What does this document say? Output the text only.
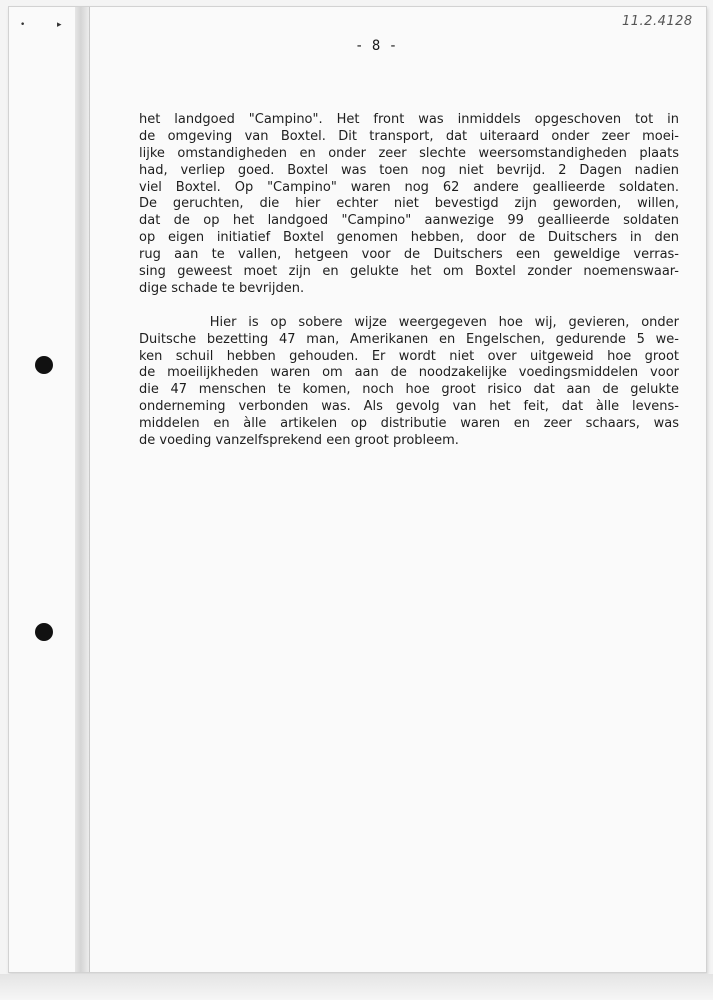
•	▸	11.2.4128
- 8 -

het landgoed "Campino". Het front was inmiddels opgeschoven tot in
de omgeving van Boxtel. Dit transport, dat uiteraard onder zeer moei-
lijke omstandigheden en onder zeer slechte weersomstandigheden plaats
had, verliep goed. Boxtel was toen nog niet bevrijd. 2 Dagen nadien
viel Boxtel. Op "Campino" waren nog 62 andere geallieerde soldaten.
De geruchten, die hier echter niet bevestigd zijn geworden, willen,
dat de op het landgoed "Campino" aanwezige 99 geallieerde soldaten
op eigen initiatief Boxtel genomen hebben, door de Duitschers in den
rug aan te vallen, hetgeen voor de Duitschers een geweldige verras-
sing geweest moet zijn en gelukte het om Boxtel zonder noemenswaar-
dige schade te bevrijden.

Hier is op sobere wijze weergegeven hoe wij, gevieren, onder
Duitsche bezetting 47 man, Amerikanen en Engelschen, gedurende 5 we-
ken schuil hebben gehouden. Er wordt niet over uitgeweid hoe groot
de moeilijkheden waren om aan de noodzakelijke voedingsmiddelen voor
die 47 menschen te komen, noch hoe groot risico dat aan de gelukte
onderneming verbonden was. Als gevolg van het feit, dat àlle levens-
middelen en àlle artikelen op distributie waren en zeer schaars, was
de voeding vanzelfsprekend een groot probleem.
